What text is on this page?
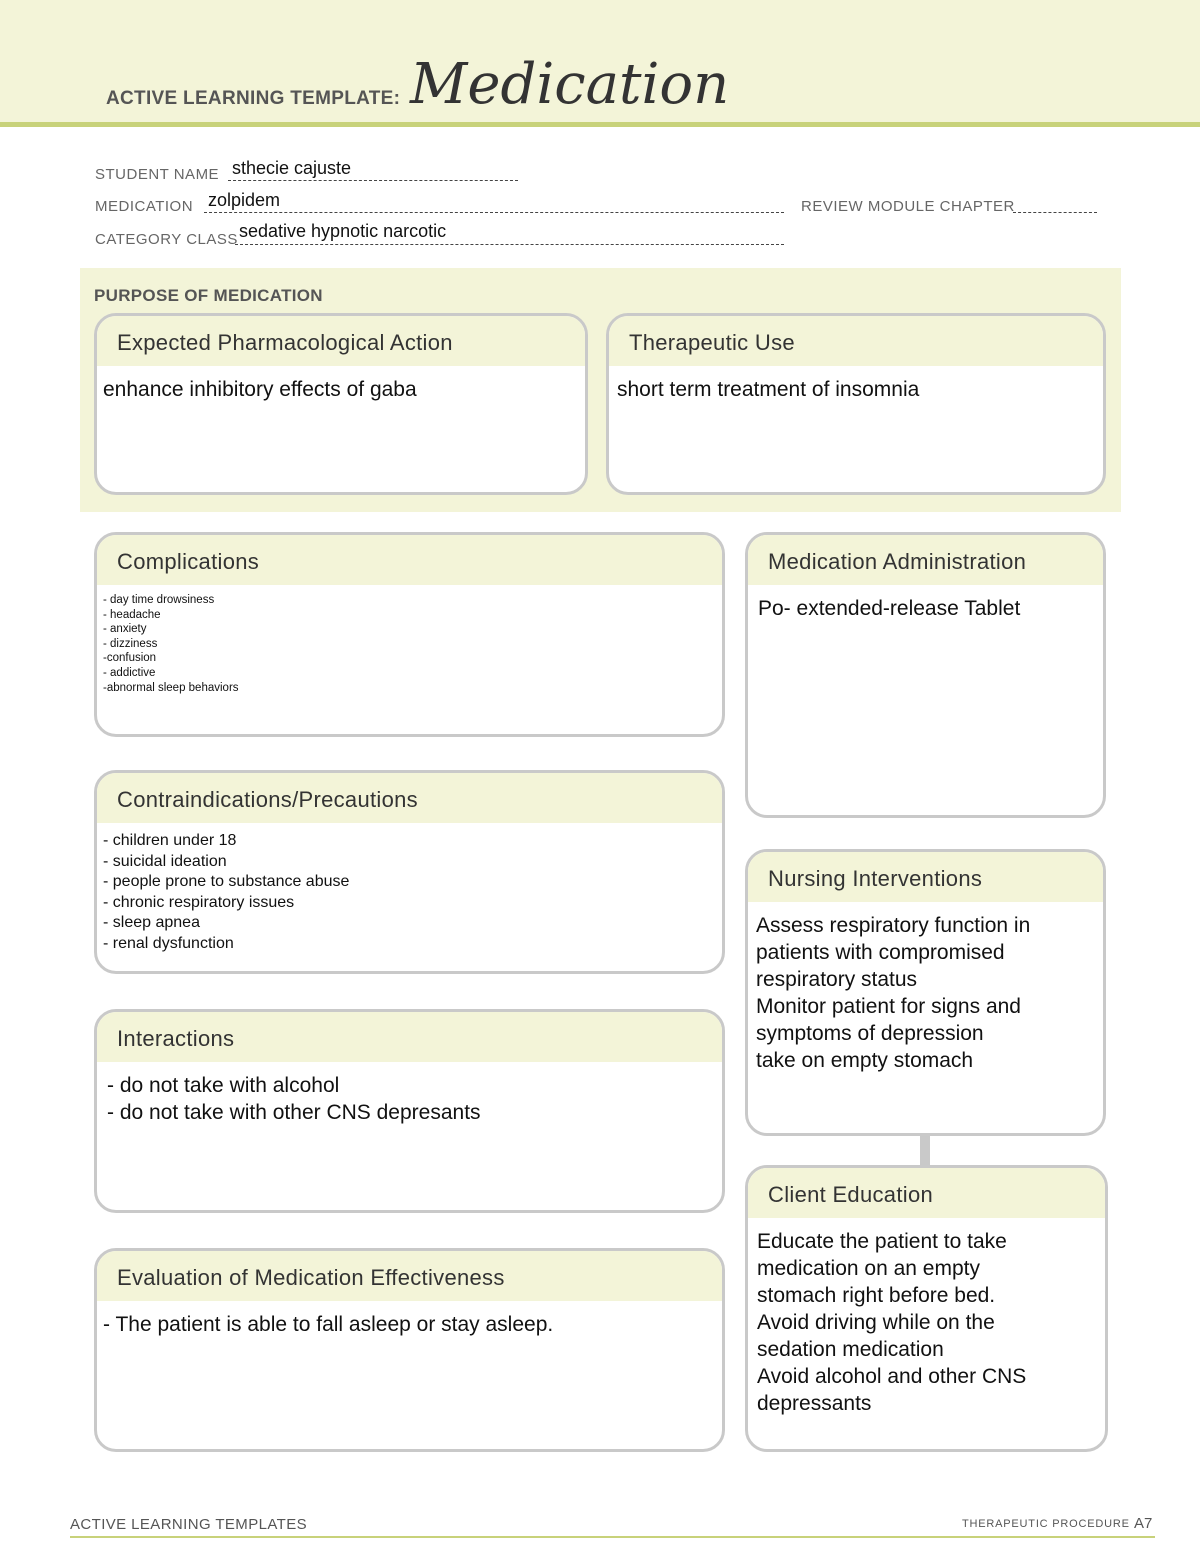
ACTIVE LEARNING TEMPLATE: Medication
STUDENT NAME sthecie cajuste
MEDICATION zolpidem	REVIEW MODULE CHAPTER
CATEGORY CLASS sedative hypnotic narcotic
PURPOSE OF MEDICATION
Expected Pharmacological Action
enhance inhibitory effects of gaba
Therapeutic Use
short term treatment of insomnia
Complications
- day time drowsiness
- headache
- anxiety
- dizziness
-confusion
- addictive
-abnormal sleep behaviors
Contraindications/Precautions
- children under 18
- suicidal ideation
- people prone to substance abuse
- chronic respiratory issues
- sleep apnea
- renal dysfunction
Interactions
- do not take with alcohol
- do not take with other CNS depresants
Evaluation of Medication Effectiveness
- The patient is able to fall asleep or stay asleep.
Medication Administration
Po- extended-release Tablet
Nursing Interventions
Assess respiratory function in
patients with compromised
respiratory status
Monitor patient for signs and
symptoms of depression
take on empty stomach
Client Education
Educate the patient to take
medication on an empty
stomach right before bed.
Avoid driving while on the
sedation medication
Avoid alcohol and other CNS
depressants
ACTIVE LEARNING TEMPLATES	THERAPEUTIC PROCEDURE A7
